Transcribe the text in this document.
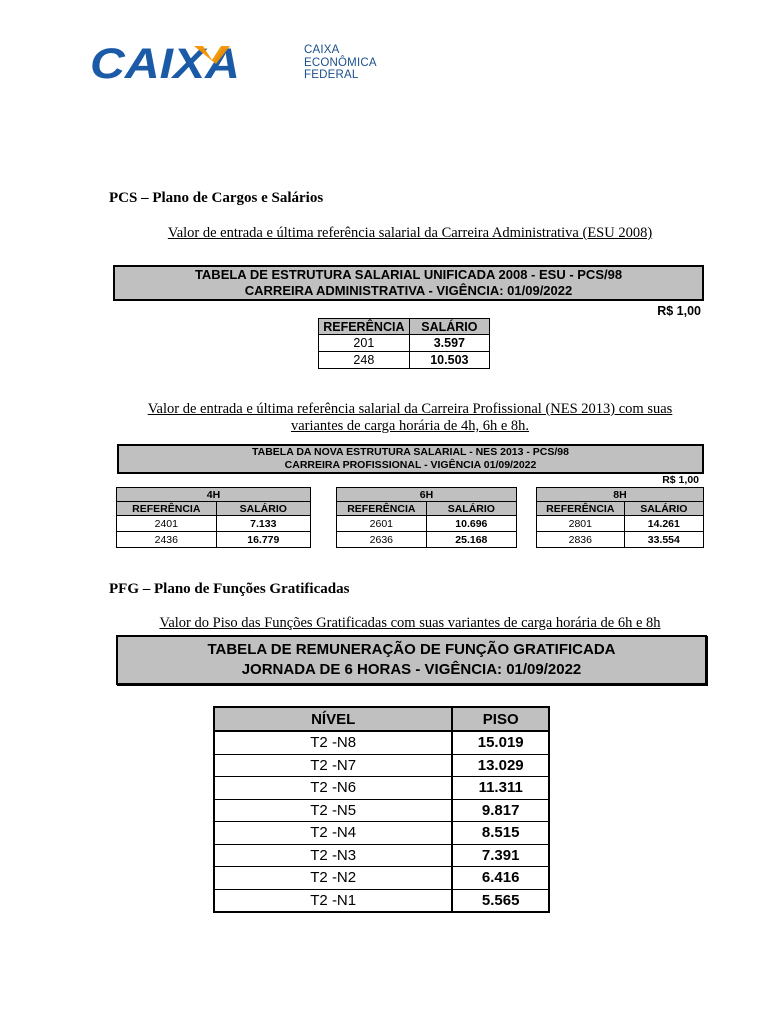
CAIXA	CAIXA
ECONÔMICA
FEDERAL
PCS – Plano de Cargos e Salários
Valor de entrada e última referência salarial da Carreira Administrativa (ESU 2008)
TABELA DE ESTRUTURA SALARIAL UNIFICADA 2008 - ESU - PCS/98
CARREIRA ADMINISTRATIVA - VIGÊNCIA: 01/09/2022
R$ 1,00
REFERÊNCIA	SALÁRIO
201	3.597
248	10.503
Valor de entrada e última referência salarial da Carreira Profissional (NES 2013) com suas
variantes de carga horária de 4h, 6h e 8h.
TABELA DA NOVA ESTRUTURA SALARIAL - NES 2013 - PCS/98
CARREIRA PROFISSIONAL - VIGÊNCIA 01/09/2022
R$ 1,00
4H	
REFERÊNCIA	SALÁRIO
2401	7.133
2436	16.779
6H	
REFERÊNCIA	SALÁRIO
2601	10.696
2636	25.168
8H	
REFERÊNCIA	SALÁRIO
2801	14.261
2836	33.554
PFG – Plano de Funções Gratificadas
Valor do Piso das Funções Gratificadas com suas variantes de carga horária de 6h e 8h
TABELA DE REMUNERAÇÃO DE FUNÇÃO GRATIFICADA
JORNADA DE 6 HORAS - VIGÊNCIA: 01/09/2022
NÍVEL	PISO
T2 -N8	15.019
T2 -N7	13.029
T2 -N6	11.311
T2 -N5	9.817
T2 -N4	8.515
T2 -N3	7.391
T2 -N2	6.416
T2 -N1	5.565
